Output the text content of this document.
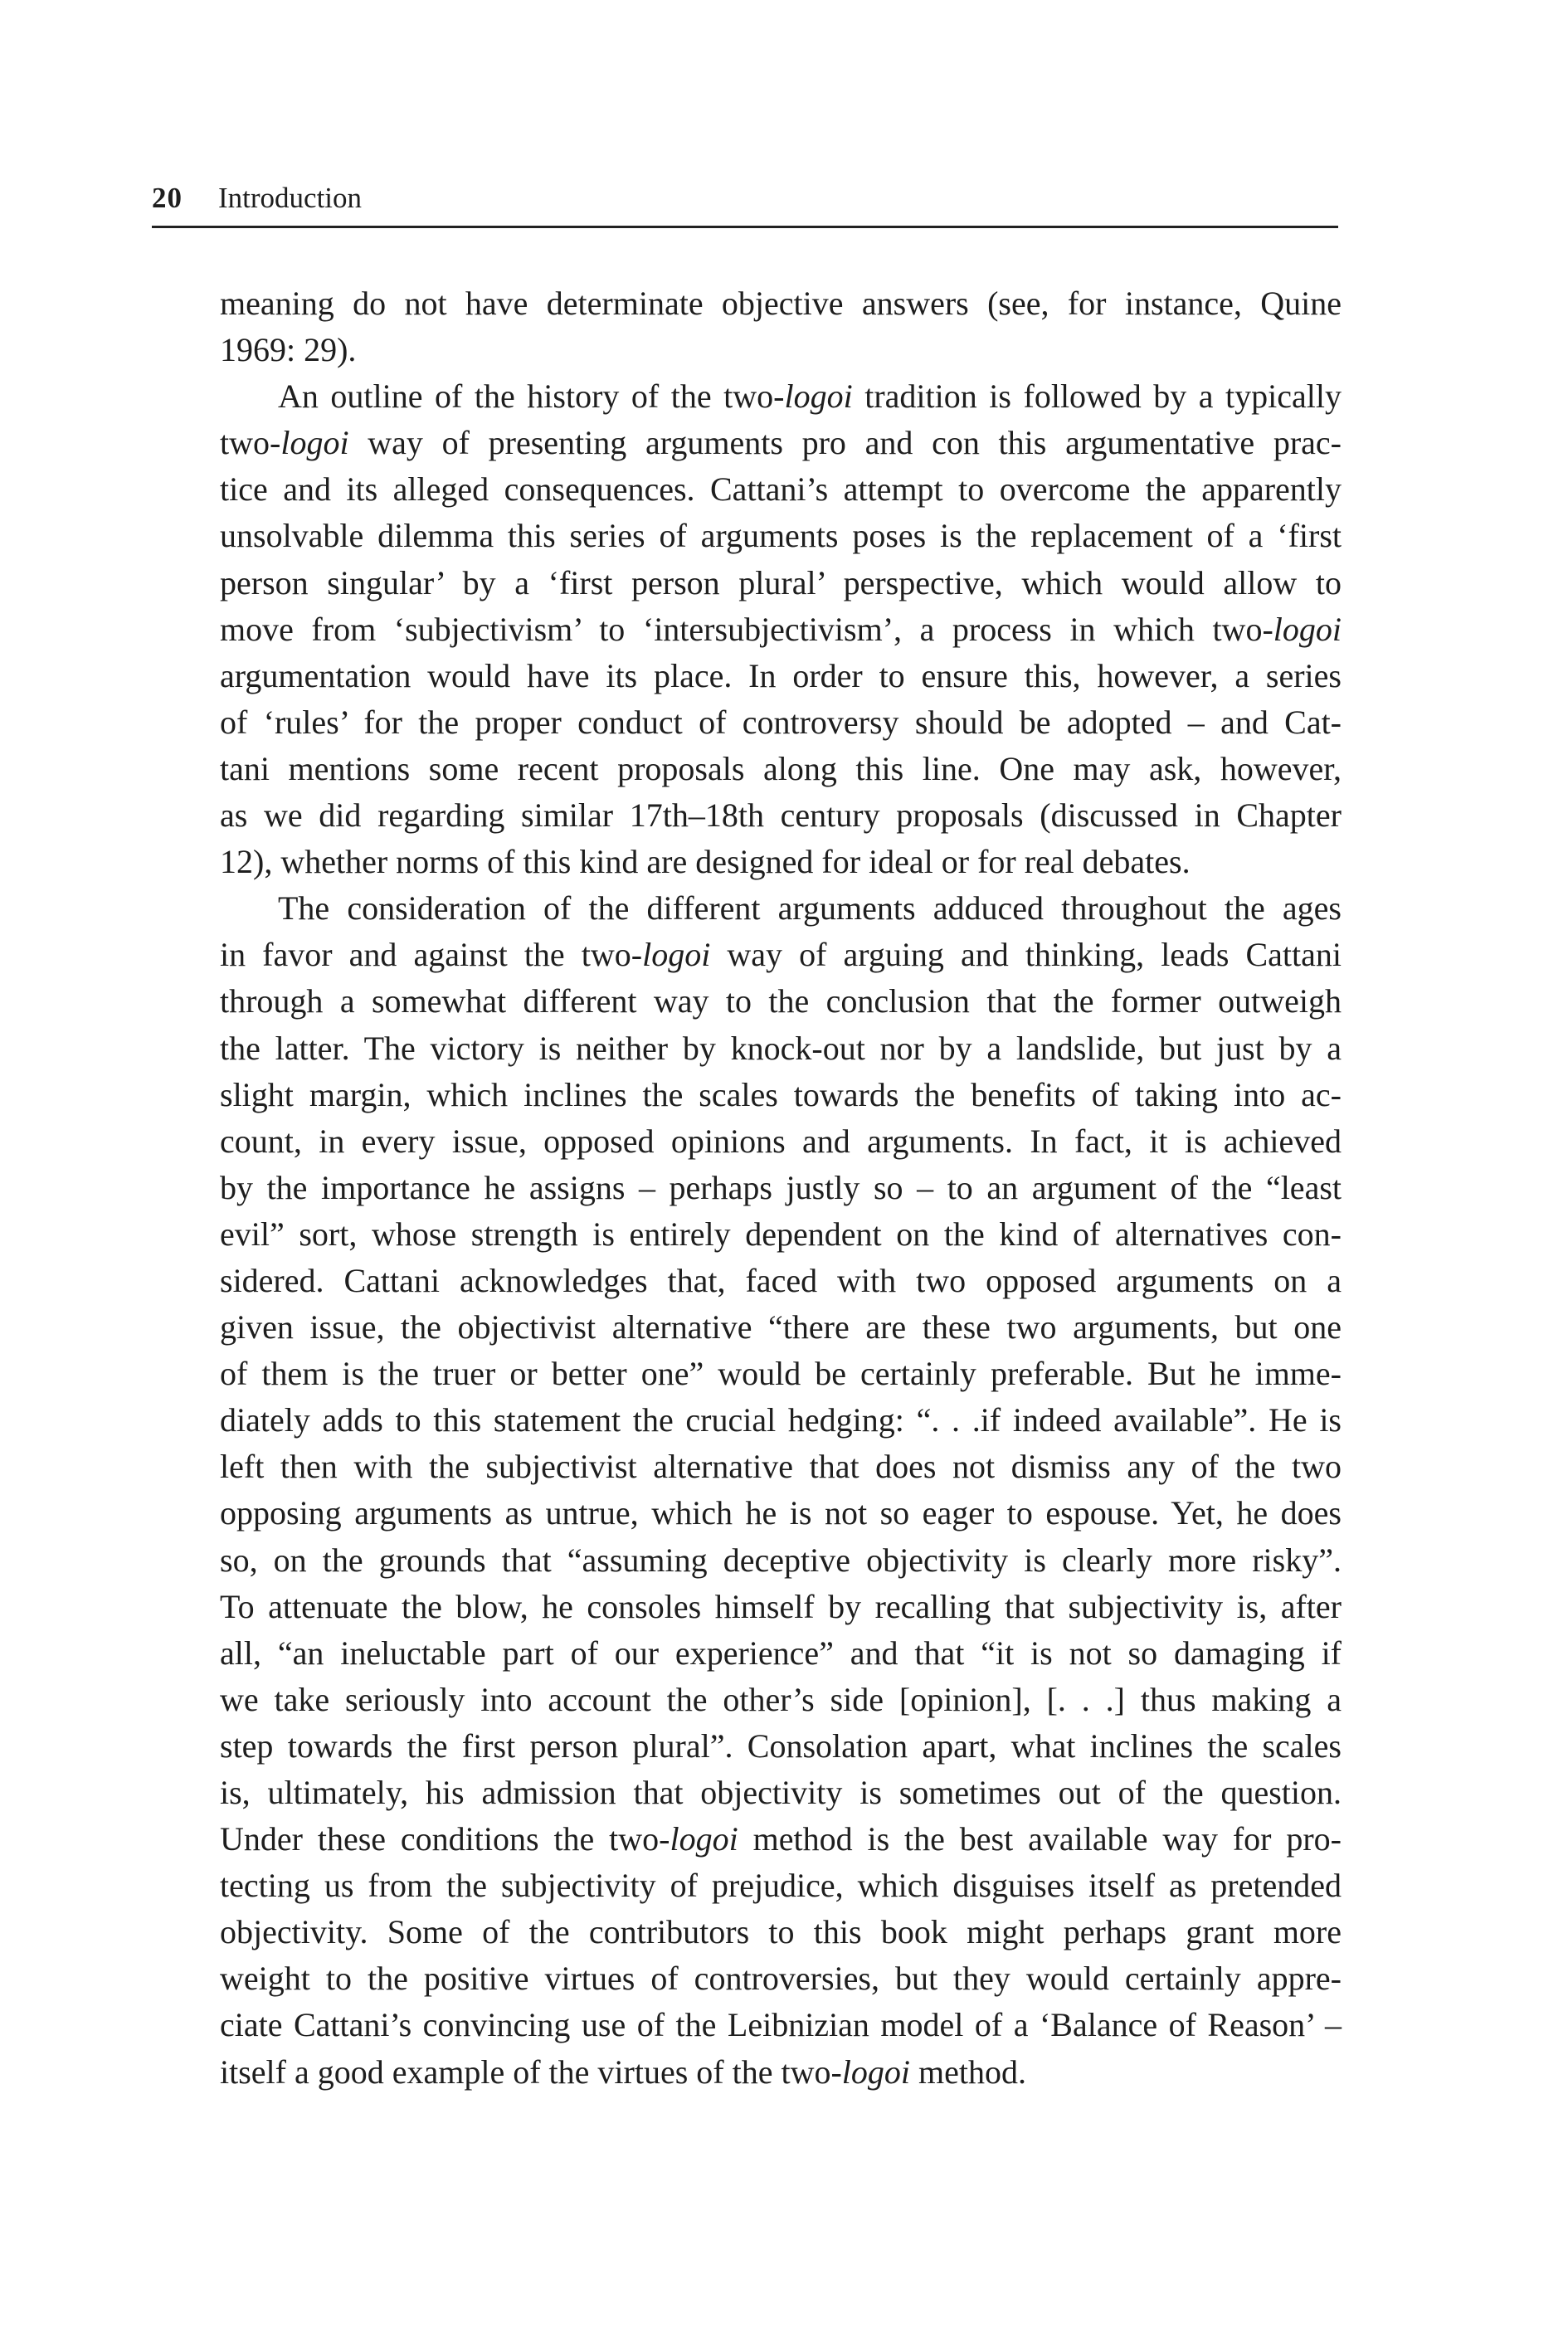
20 Introduction
meaning do not have determinate objective answers (see, for instance, Quine
1969: 29).
An outline of the history of the two-logoi tradition is followed by a typically
two-logoi way of presenting arguments pro and con this argumentative prac-
tice and its alleged consequences. Cattani’s attempt to overcome the apparently
unsolvable dilemma this series of arguments poses is the replacement of a ‘first
person singular’ by a ‘first person plural’ perspective, which would allow to
move from ‘subjectivism’ to ‘intersubjectivism’, a process in which two-logoi
argumentation would have its place. In order to ensure this, however, a series
of ‘rules’ for the proper conduct of controversy should be adopted – and Cat-
tani mentions some recent proposals along this line. One may ask, however,
as we did regarding similar 17th–18th century proposals (discussed in Chapter
12), whether norms of this kind are designed for ideal or for real debates.
The consideration of the different arguments adduced throughout the ages
in favor and against the two-logoi way of arguing and thinking, leads Cattani
through a somewhat different way to the conclusion that the former outweigh
the latter. The victory is neither by knock-out nor by a landslide, but just by a
slight margin, which inclines the scales towards the benefits of taking into ac-
count, in every issue, opposed opinions and arguments. In fact, it is achieved
by the importance he assigns – perhaps justly so – to an argument of the “least
evil” sort, whose strength is entirely dependent on the kind of alternatives con-
sidered. Cattani acknowledges that, faced with two opposed arguments on a
given issue, the objectivist alternative “there are these two arguments, but one
of them is the truer or better one” would be certainly preferable. But he imme-
diately adds to this statement the crucial hedging: “. . .if indeed available”. He is
left then with the subjectivist alternative that does not dismiss any of the two
opposing arguments as untrue, which he is not so eager to espouse. Yet, he does
so, on the grounds that “assuming deceptive objectivity is clearly more risky”.
To attenuate the blow, he consoles himself by recalling that subjectivity is, after
all, “an ineluctable part of our experience” and that “it is not so damaging if
we take seriously into account the other’s side [opinion], [. . .] thus making a
step towards the first person plural”. Consolation apart, what inclines the scales
is, ultimately, his admission that objectivity is sometimes out of the question.
Under these conditions the two-logoi method is the best available way for pro-
tecting us from the subjectivity of prejudice, which disguises itself as pretended
objectivity. Some of the contributors to this book might perhaps grant more
weight to the positive virtues of controversies, but they would certainly appre-
ciate Cattani’s convincing use of the Leibnizian model of a ‘Balance of Reason’ –
itself a good example of the virtues of the two-logoi method.
